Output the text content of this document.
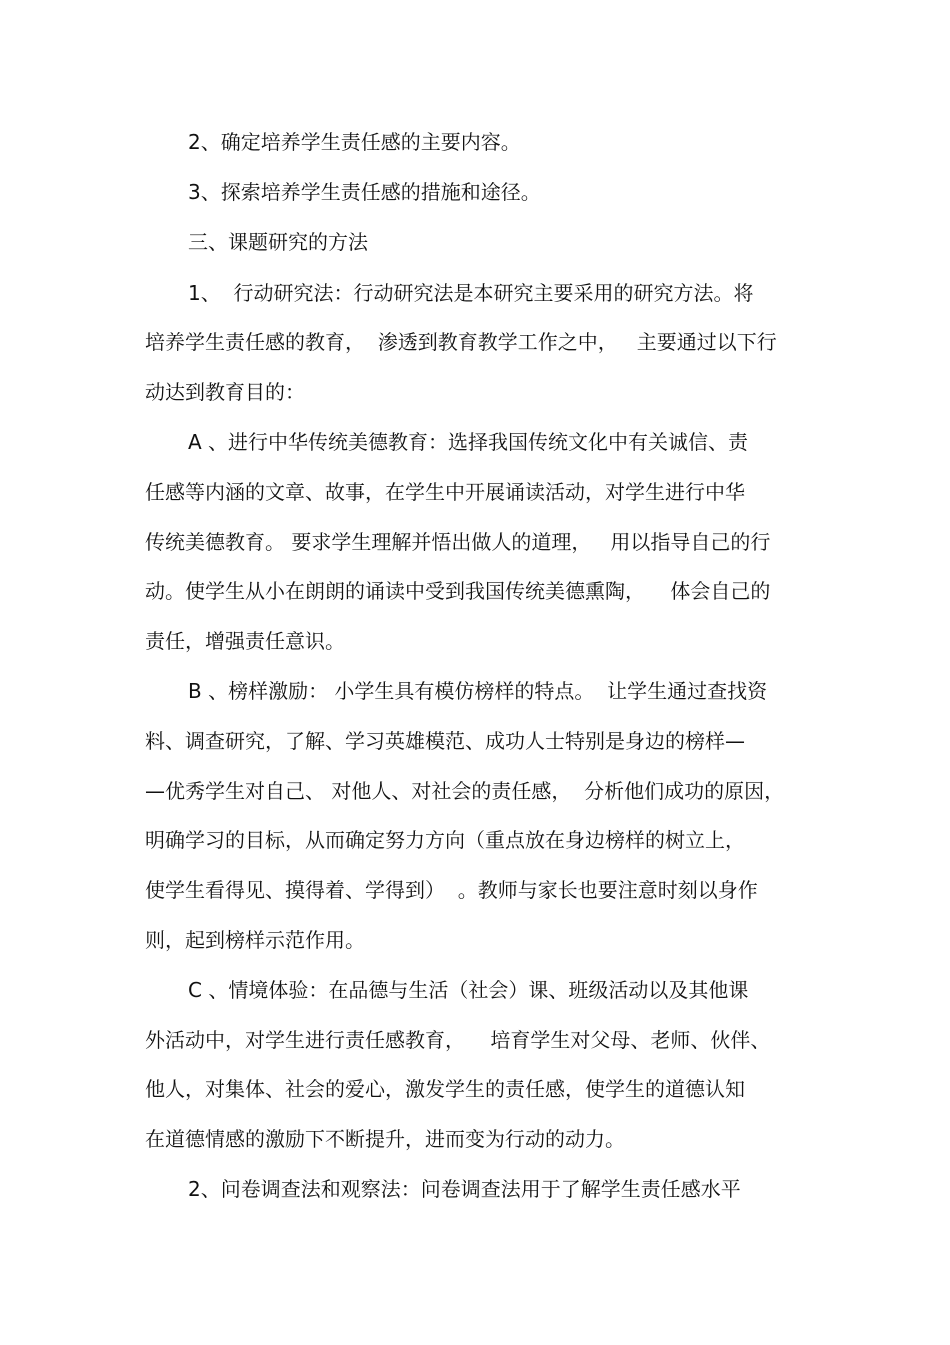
2、确定培养学生责任感的主要内容。

3、探索培养学生责任感的措施和途径。

三、课题研究的方法

1、  行动研究法：行动研究法是本研究主要采用的研究方法。将

培养学生责任感的教育，  渗透到教育教学工作之中，   主要通过以下行

动达到教育目的：

A 、进行中华传统美德教育：选择我国传统文化中有关诚信、责

任感等内涵的文章、故事，在学生中开展诵读活动，对学生进行中华

传统美德教育。 要求学生理解并悟出做人的道理，   用以指导自己的行

动。使学生从小在朗朗的诵读中受到我国传统美德熏陶，    体会自己的

责任，增强责任意识。

B 、榜样激励： 小学生具有模仿榜样的特点。  让学生通过查找资

料、调查研究，了解、学习英雄模范、成功人士特别是身边的榜样—

—优秀学生对自己、 对他人、对社会的责任感，  分析他们成功的原因，

明确学习的目标，从而确定努力方向（重点放在身边榜样的树立上，

使学生看得见、摸得着、学得到）  。教师与家长也要注意时刻以身作

则，起到榜样示范作用。

C 、情境体验：在品德与生活（社会）课、班级活动以及其他课

外活动中，对学生进行责任感教育，    培育学生对父母、老师、伙伴、

他人，对集体、社会的爱心，激发学生的责任感，使学生的道德认知

在道德情感的激励下不断提升，进而变为行动的动力。

2、问卷调查法和观察法：问卷调查法用于了解学生责任感水平
